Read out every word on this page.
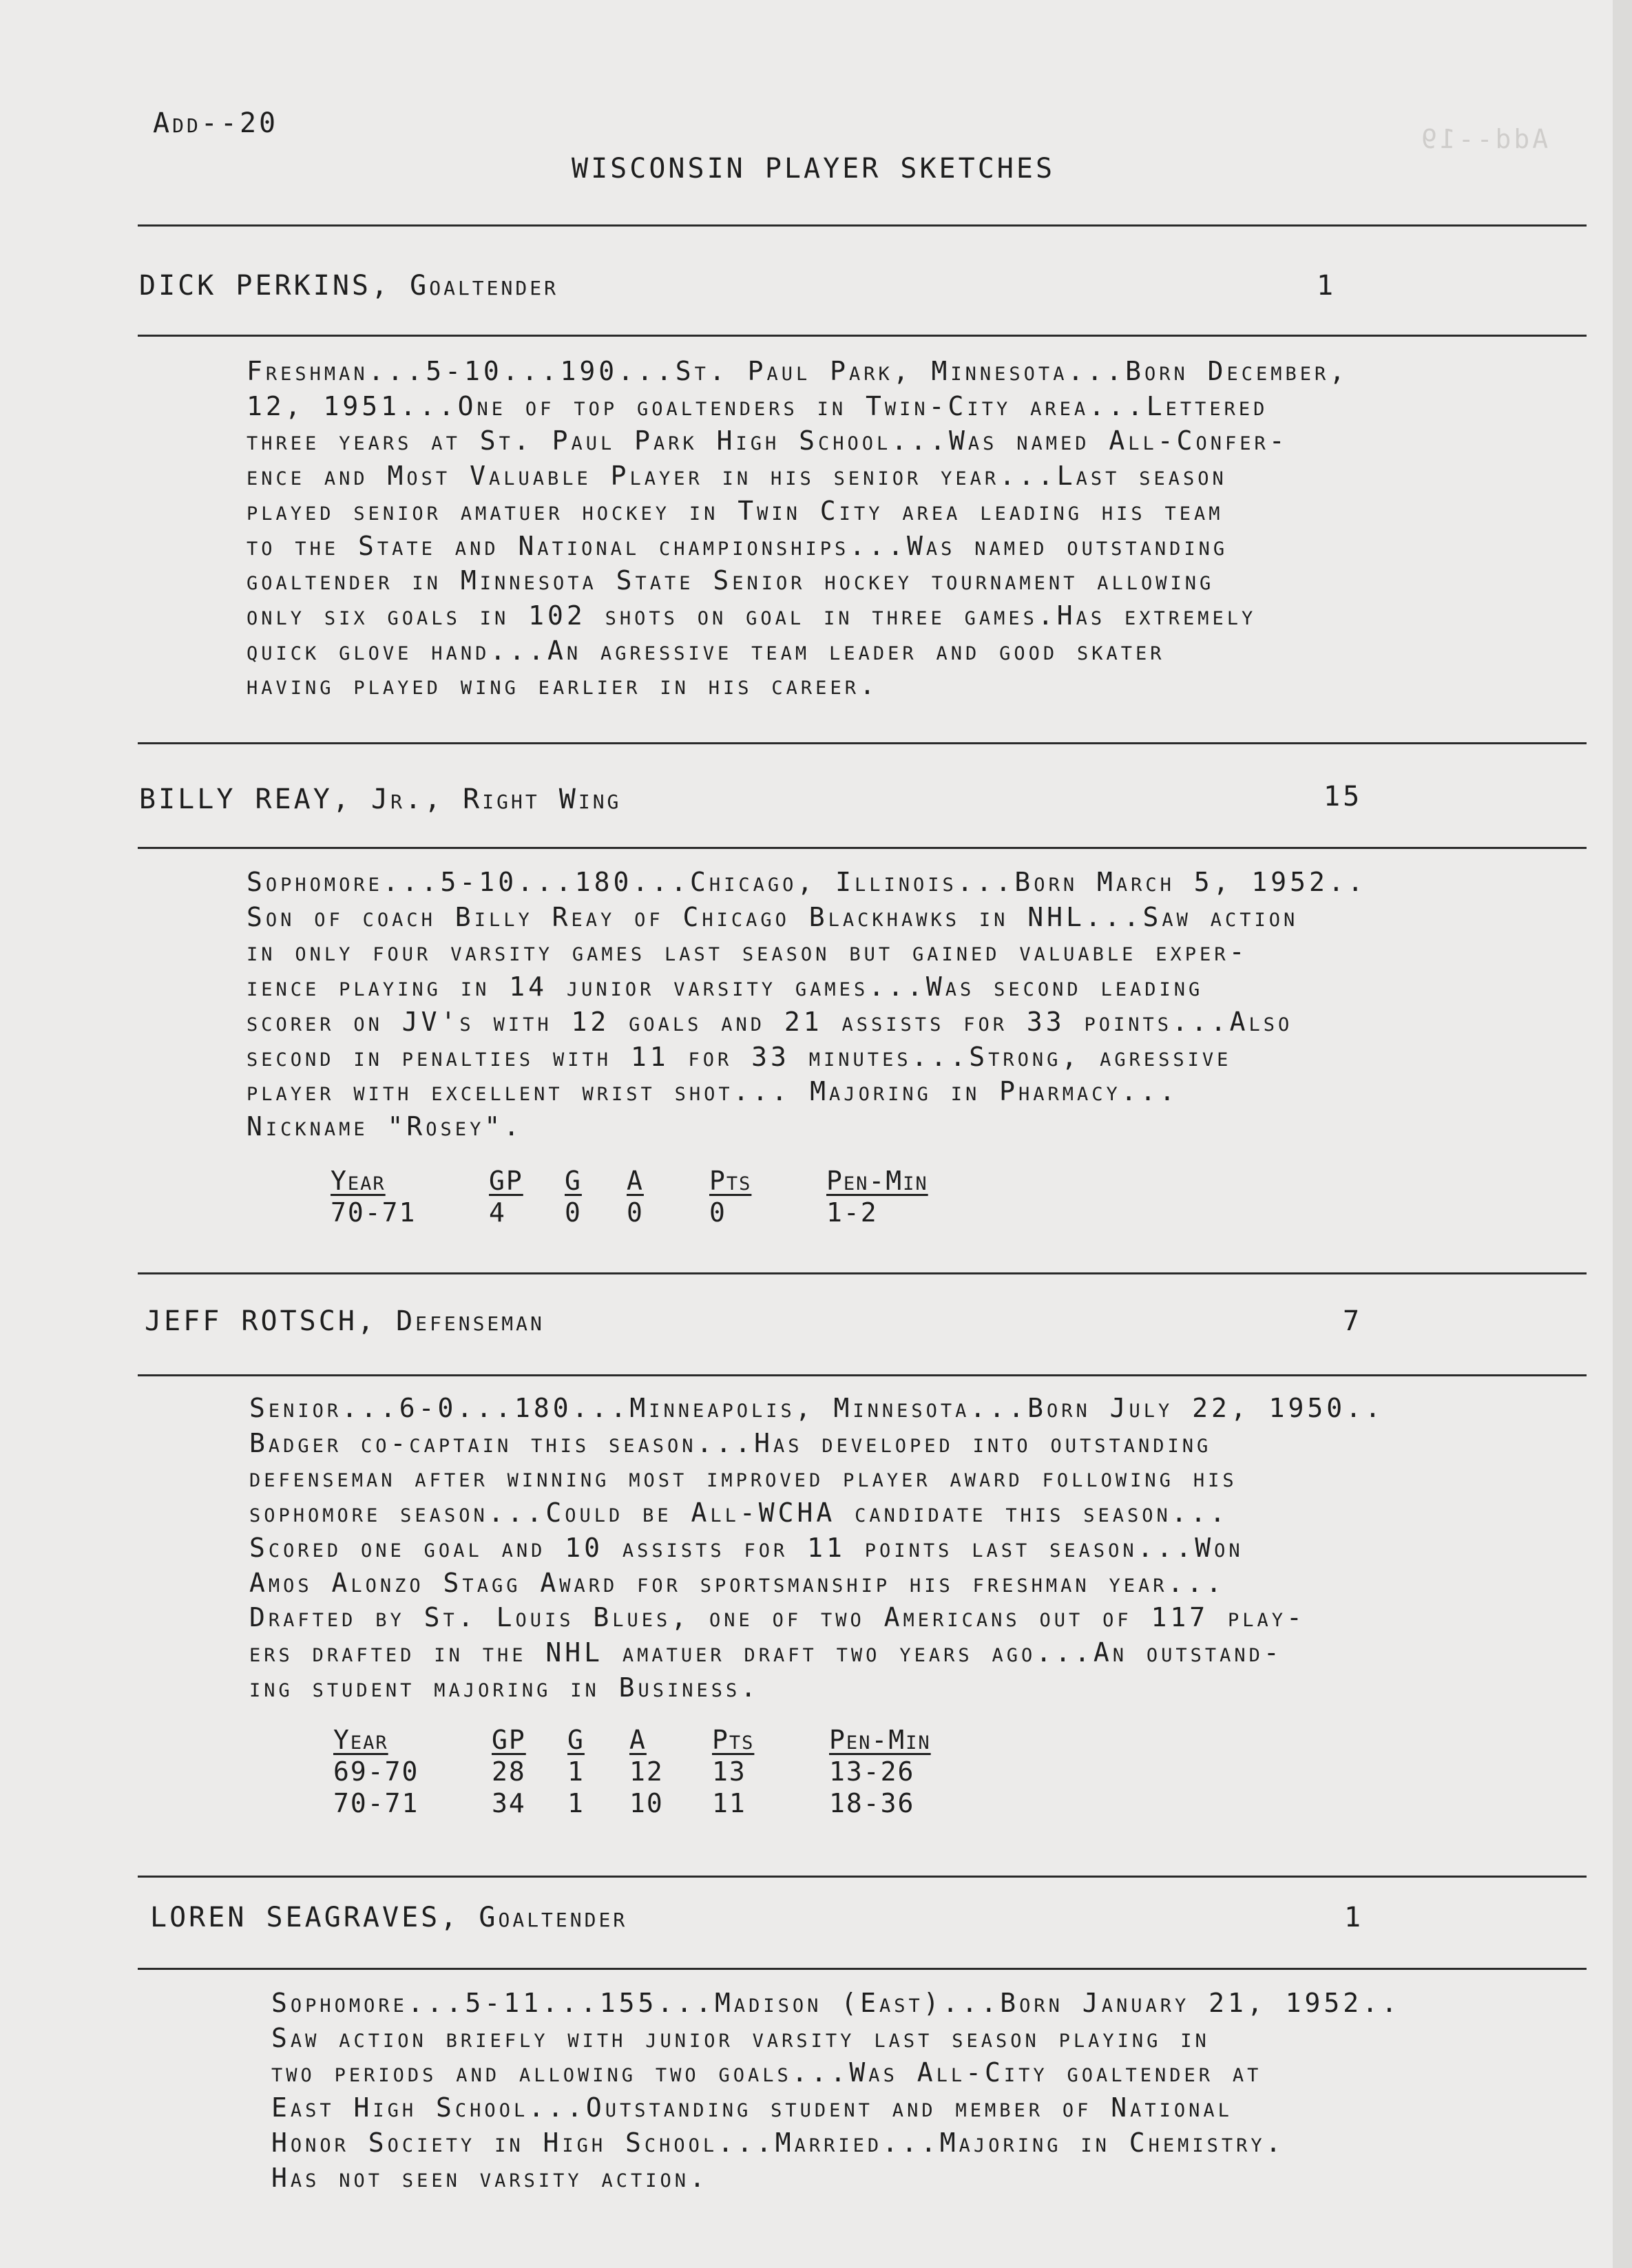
Add--19
Add--20
WISCONSIN PLAYER SKETCHES
DICK PERKINS, Goaltender	1
Freshman...5-10...190...St. Paul Park, Minnesota...Born December,
12, 1951...One of top goaltenders in Twin-City area...Lettered
three years at St. Paul Park High School...Was named All-Confer-
ence and Most Valuable Player in his senior year...Last season
played senior amatuer hockey in Twin City area leading his team
to the State and National championships...Was named outstanding
goaltender in Minnesota State Senior hockey tournament allowing
only six goals in 102 shots on goal in three games.Has extremely
quick glove hand...An agressive team leader and good skater
having played wing earlier in his career.
BILLY REAY, Jr., Right Wing	15
Sophomore...5-10...180...Chicago, Illinois...Born March 5, 1952..
Son of coach Billy Reay of Chicago Blackhawks in NHL...Saw action
in only four varsity games last season but gained valuable exper-
ience playing in 14 junior varsity games...Was second leading
scorer on JV's with 12 goals and 21 assists for 33 points...Also
second in penalties with 11 for 33 minutes...Strong, agressive
player with excellent wrist shot... Majoring in Pharmacy...
Nickname "Rosey".
Year	GP	G	A	Pts	Pen-Min
70-71	4	0	0	0	1-2
JEFF ROTSCH, Defenseman	7
Senior...6-0...180...Minneapolis, Minnesota...Born July 22, 1950..
Badger co-captain this season...Has developed into outstanding
defenseman after winning most improved player award following his
sophomore season...Could be All-WCHA candidate this season...
Scored one goal and 10 assists for 11 points last season...Won
Amos Alonzo Stagg Award for sportsmanship his freshman year...
Drafted by St. Louis Blues, one of two Americans out of 117 play-
ers drafted in the NHL amatuer draft two years ago...An outstand-
ing student majoring in Business.
Year	GP	G	A	Pts	Pen-Min
69-70	28	1	12	13	13-26
70-71	34	1	10	11	18-36
LOREN SEAGRAVES, Goaltender	1
Sophomore...5-11...155...Madison (East)...Born January 21, 1952..
Saw action briefly with junior varsity last season playing in
two periods and allowing two goals...Was All-City goaltender at
East High School...Outstanding student and member of National
Honor Society in High School...Married...Majoring in Chemistry.
Has not seen varsity action.
